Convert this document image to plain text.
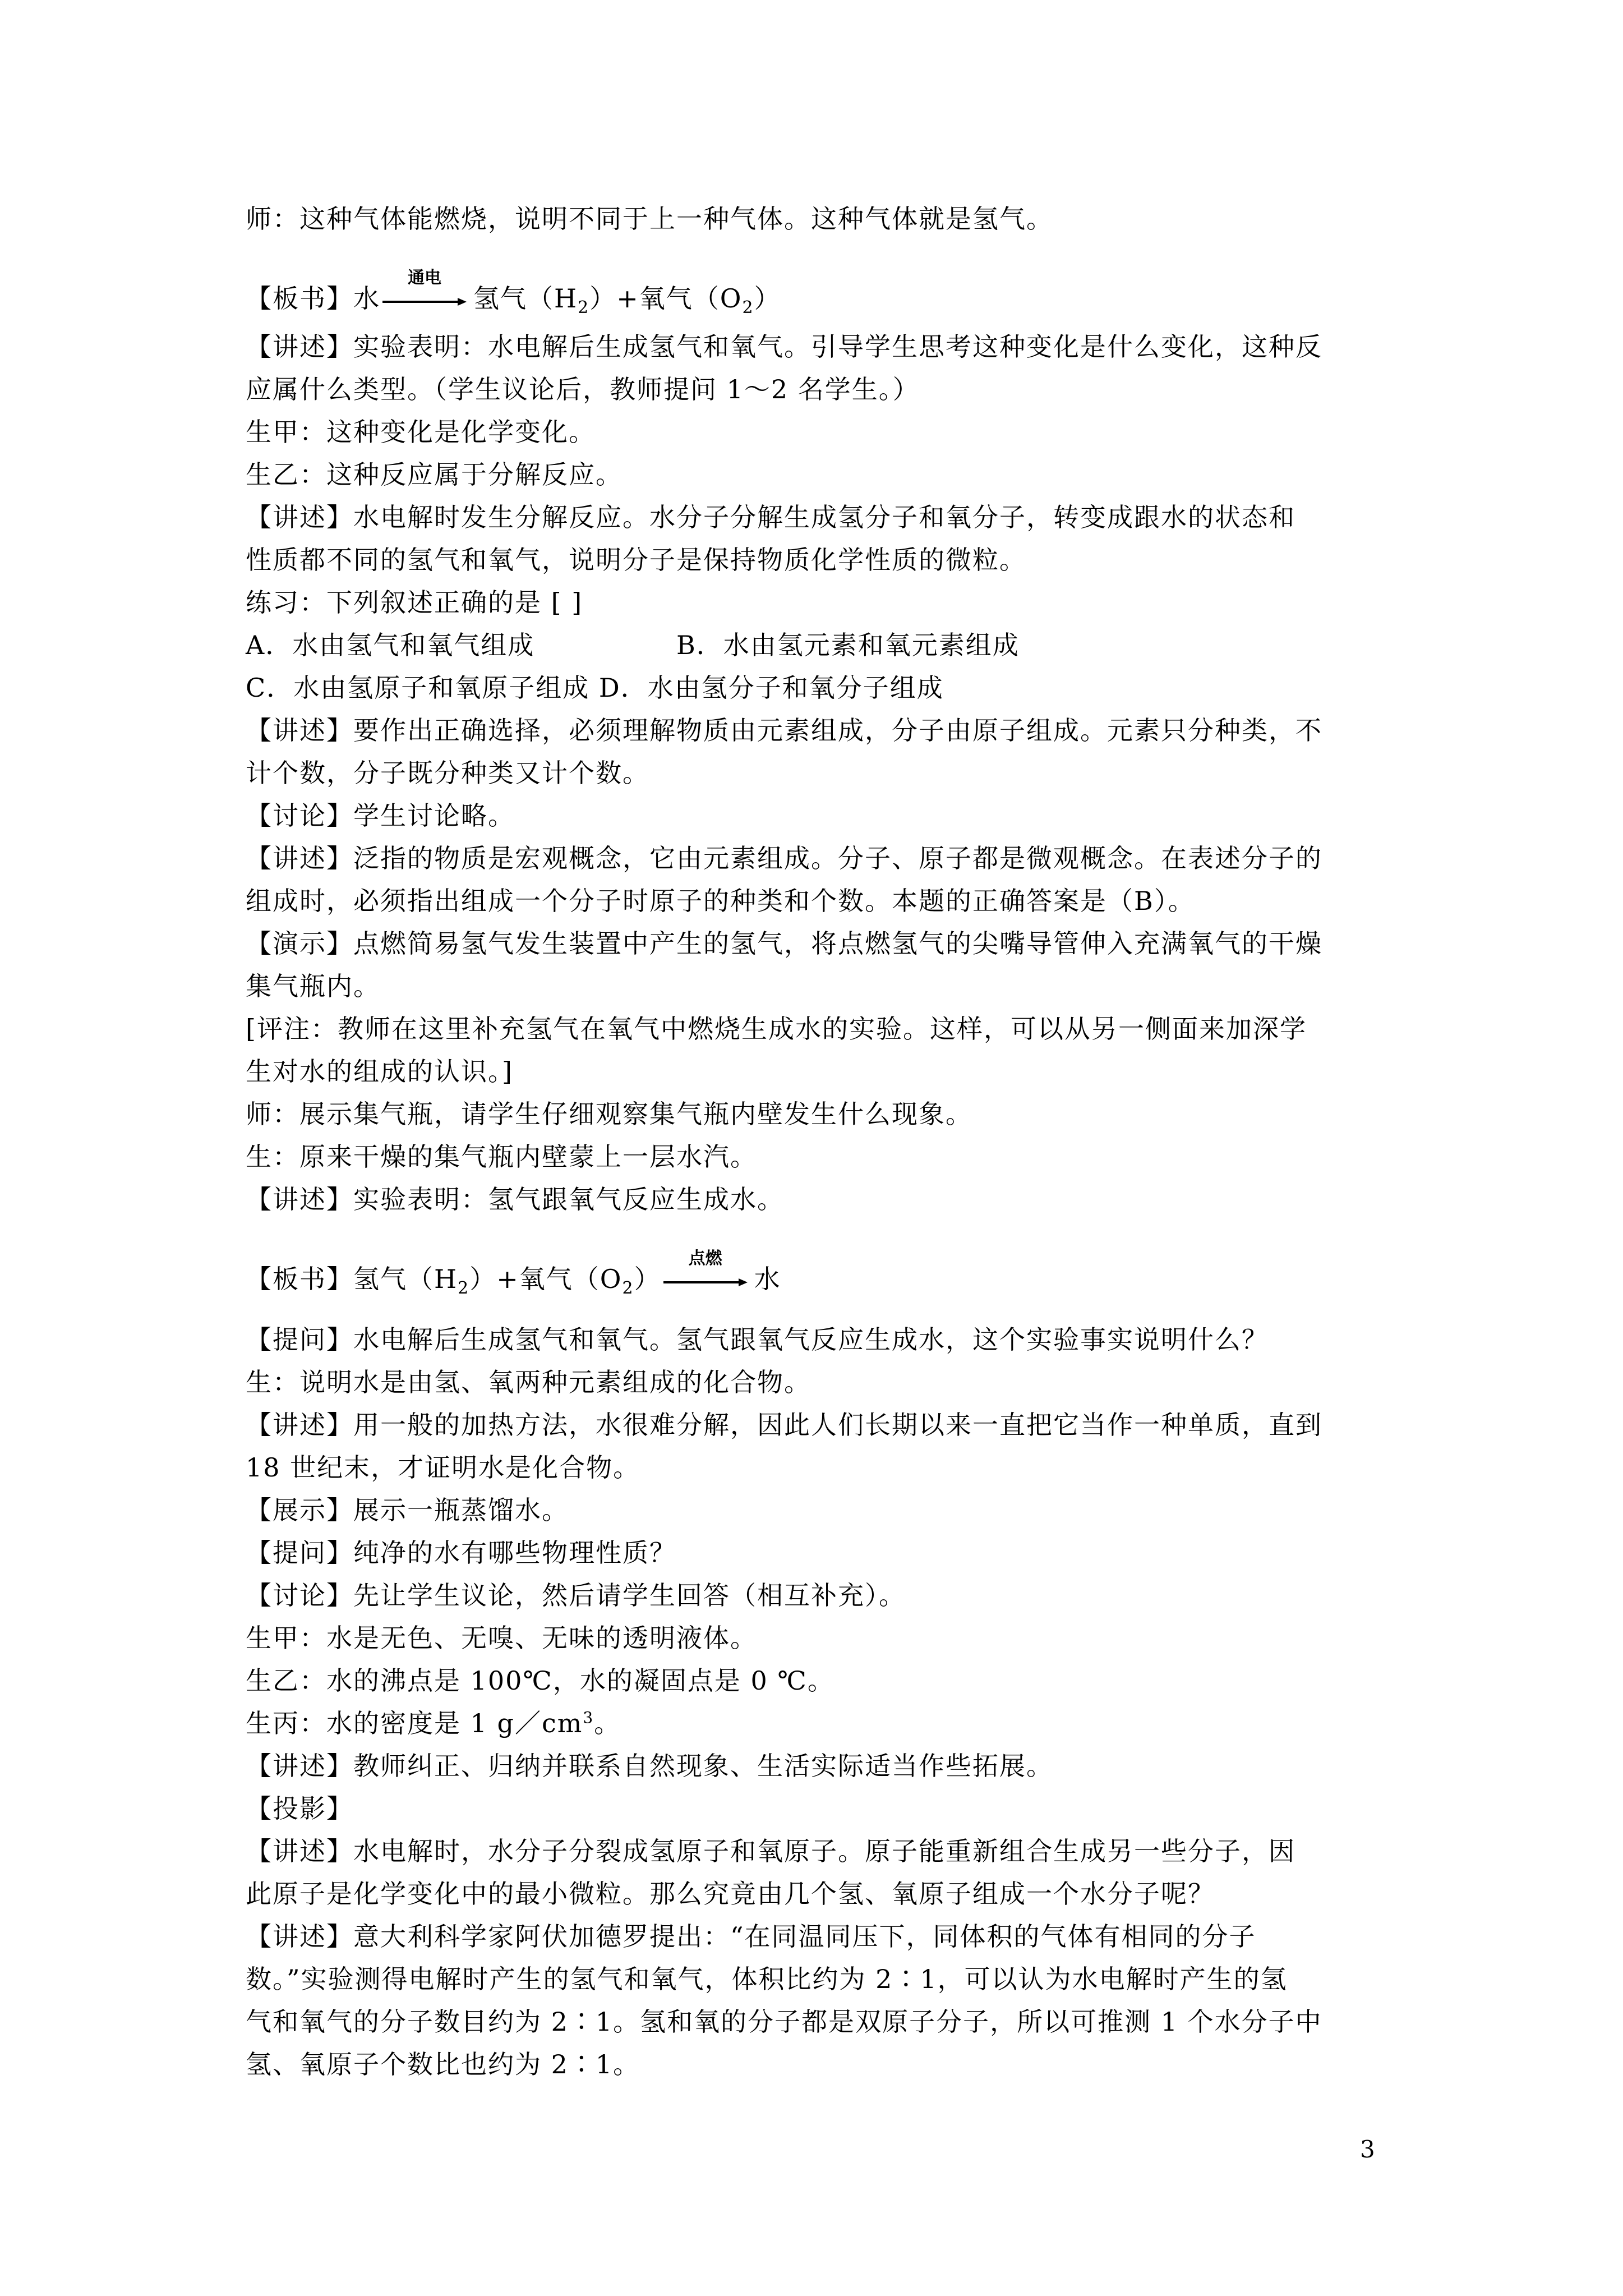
师：这种气体能燃烧，说明不同于上一种气体。这种气体就是氢气。
【板书】水
通电
氢气$(H_2)+$氧气$(O_2)$
【讲述】实验表明：水电解后生成氢气和氧气。引导学生思考这种变化是什么变化，这种反
应属什么类型。（学生议论后，教师提问 1～2 名学生。）
生甲：这种变化是化学变化。
生乙：这种反应属于分解反应。
【讲述】水电解时发生分解反应。水分子分解生成氢分子和氧分子，转变成跟水的状态和
性质都不同的氢气和氧气，说明分子是保持物质化学性质的微粒。
练习：下列叙述正确的是 [ ]
A．水由氢气和氧气组成	B．水由氢元素和氧元素组成
C．水由氢原子和氧原子组成 D．水由氢分子和氧分子组成
【讲述】要作出正确选择，必须理解物质由元素组成，分子由原子组成。元素只分种类，不
计个数，分子既分种类又计个数。
【讨论】学生讨论略。
【讲述】泛指的物质是宏观概念，它由元素组成。分子、原子都是微观概念。在表述分子的
组成时，必须指出组成一个分子时原子的种类和个数。本题的正确答案是（B）。
【演示】点燃简易氢气发生装置中产生的氢气，将点燃氢气的尖嘴导管伸入充满氧气的干燥
集气瓶内。
[评注：教师在这里补充氢气在氧气中燃烧生成水的实验。这样，可以从另一侧面来加深学
生对水的组成的认识。]
师：展示集气瓶，请学生仔细观察集气瓶内壁发生什么现象。
生：原来干燥的集气瓶内壁蒙上一层水汽。
【讲述】实验表明：氢气跟氧气反应生成水。
【板书】氢气$(H_2)+$氧气$(O_2)$
点燃
水
【提问】水电解后生成氢气和氧气。氢气跟氧气反应生成水，这个实验事实说明什么？
生：说明水是由氢、氧两种元素组成的化合物。
【讲述】用一般的加热方法，水很难分解，因此人们长期以来一直把它当作一种单质，直到
18 世纪末，才证明水是化合物。
【展示】展示一瓶蒸馏水。
【提问】纯净的水有哪些物理性质？
【讨论】先让学生议论，然后请学生回答（相互补充）。
生甲：水是无色、无嗅、无味的透明液体。
生乙：水的沸点是 100℃，水的凝固点是 0 ℃。
生丙：水的密度是 1 $g/cm^3$。
【讲述】教师纠正、归纳并联系自然现象、生活实际适当作些拓展。
【投影】
【讲述】水电解时，水分子分裂成氢原子和氧原子。原子能重新组合生成另一些分子，因
此原子是化学变化中的最小微粒。那么究竟由几个氢、氧原子组成一个水分子呢？
【讲述】意大利科学家阿伏加德罗提出：“在同温同压下，同体积的气体有相同的分子
数。”实验测得电解时产生的氢气和氧气，体积比约为 2∶1，可以认为水电解时产生的氢
气和氧气的分子数目约为 2∶1。氢和氧的分子都是双原子分子，所以可推测 1 个水分子中
氢、氧原子个数比也约为 2∶1。
3
